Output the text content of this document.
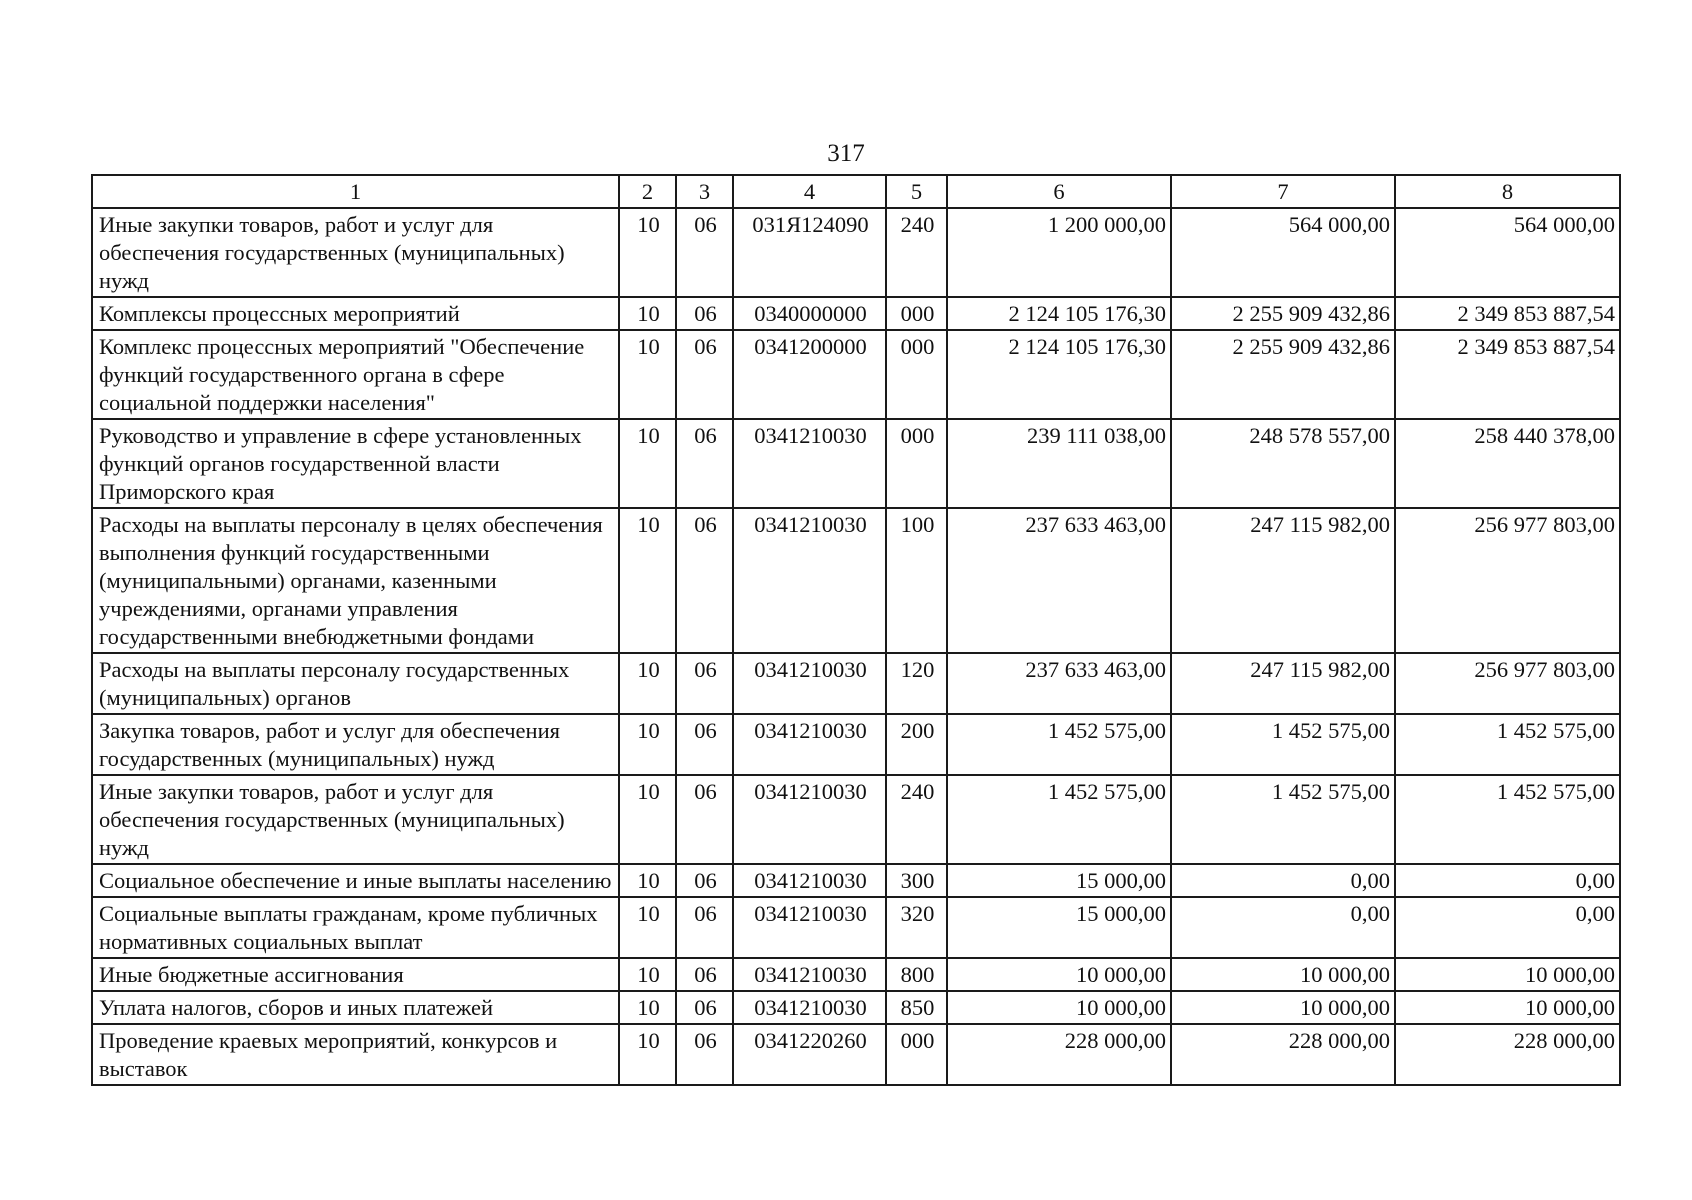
317
1	2	3	4	5	6	7	8
Иные закупки товаров, работ и услуг для обеспечения государственных (муниципальных) нужд	10	06	031Я124090	240	1 200 000,00	564 000,00	564 000,00
Комплексы процессных мероприятий	10	06	0340000000	000	2 124 105 176,30	2 255 909 432,86	2 349 853 887,54
Комплекс процессных мероприятий "Обеспечение функций государственного органа в сфере социальной поддержки населения"	10	06	0341200000	000	2 124 105 176,30	2 255 909 432,86	2 349 853 887,54
Руководство и управление в сфере установленных функций органов государственной власти Приморского края	10	06	0341210030	000	239 111 038,00	248 578 557,00	258 440 378,00
Расходы на выплаты персоналу в целях обеспечения выполнения функций государственными (муниципальными) органами, казенными учреждениями, органами управления государственными внебюджетными фондами	10	06	0341210030	100	237 633 463,00	247 115 982,00	256 977 803,00
Расходы на выплаты персоналу государственных (муниципальных) органов	10	06	0341210030	120	237 633 463,00	247 115 982,00	256 977 803,00
Закупка товаров, работ и услуг для обеспечения государственных (муниципальных) нужд	10	06	0341210030	200	1 452 575,00	1 452 575,00	1 452 575,00
Иные закупки товаров, работ и услуг для обеспечения государственных (муниципальных) нужд	10	06	0341210030	240	1 452 575,00	1 452 575,00	1 452 575,00
Социальное обеспечение и иные выплаты населению	10	06	0341210030	300	15 000,00	0,00	0,00
Социальные выплаты гражданам, кроме публичных нормативных социальных выплат	10	06	0341210030	320	15 000,00	0,00	0,00
Иные бюджетные ассигнования	10	06	0341210030	800	10 000,00	10 000,00	10 000,00
Уплата налогов, сборов и иных платежей	10	06	0341210030	850	10 000,00	10 000,00	10 000,00
Проведение краевых мероприятий, конкурсов и выставок	10	06	0341220260	000	228 000,00	228 000,00	228 000,00
